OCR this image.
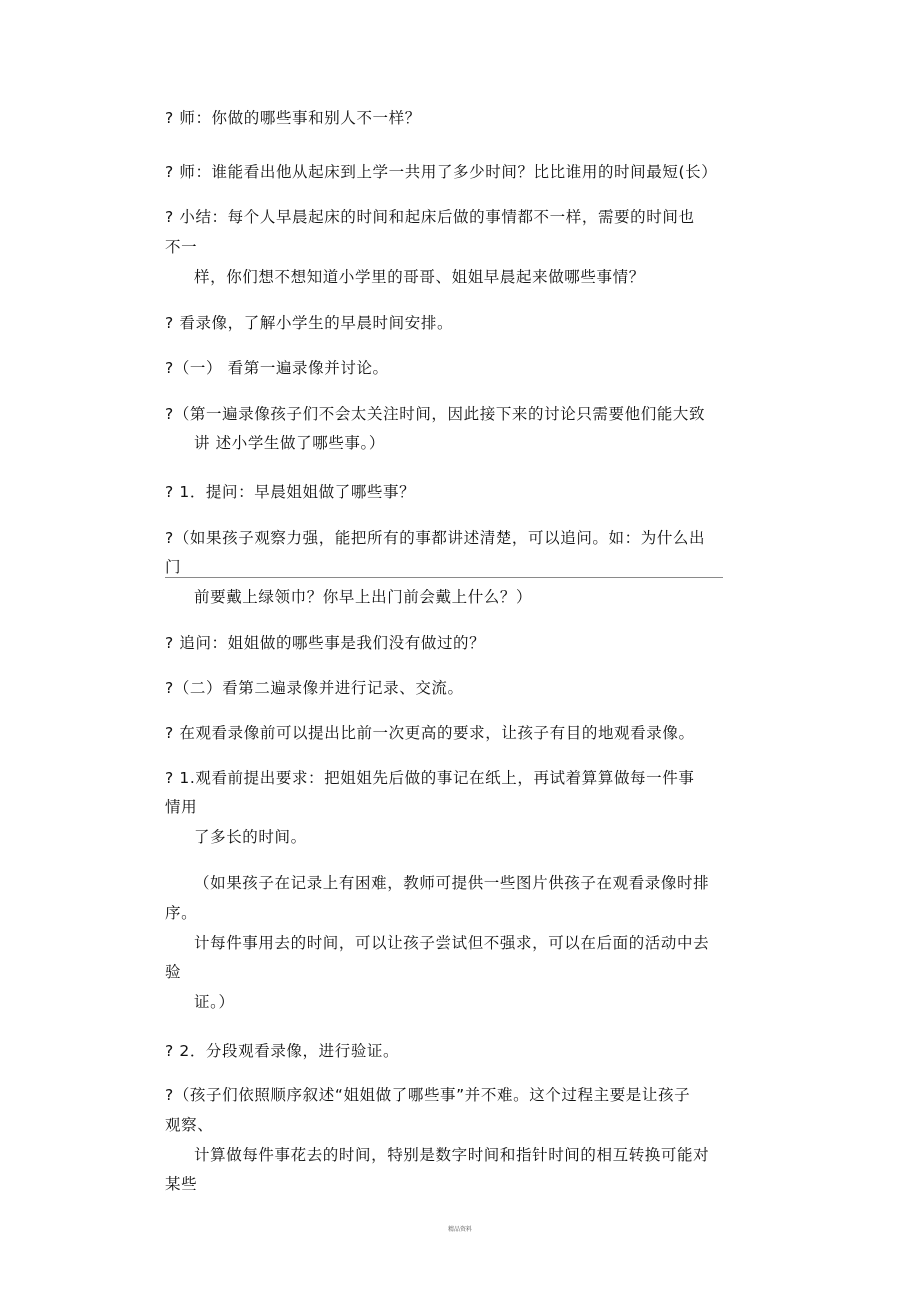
? 师：你做的哪些事和别人不一样？
? 师：谁能看出他从起床到上学一共用了多少时间？比比谁用的时间最短(长）
? 小结：每个人早晨起床的时间和起床后做的事情都不一样，需要的时间也
不一
样，你们想不想知道小学里的哥哥、姐姐早晨起来做哪些事情？
? 看录像，了解小学生的早晨时间安排。
?（一） 看第一遍录像并讨论。
?（第一遍录像孩子们不会太关注时间，因此接下来的讨论只需要他们能大致
讲 述小学生做了哪些事。）
? 1．提问：早晨姐姐做了哪些事？
?（如果孩子观察力强，能把所有的事都讲述清楚，可以追问。如：为什么出
门
前要戴上绿领巾？你早上出门前会戴上什么？）
? 追问：姐姐做的哪些事是我们没有做过的？
?（二）看第二遍录像并进行记录、交流。
? 在观看录像前可以提出比前一次更高的要求，让孩子有目的地观看录像。
? 1.观看前提出要求：把姐姐先后做的事记在纸上，再试着算算做每一件事
情用
了多长的时间。
（如果孩子在记录上有困难，教师可提供一些图片供孩子在观看录像时排
序。
计每件事用去的时间，可以让孩子尝试但不强求，可以在后面的活动中去
验
证。）
? 2．分段观看录像，进行验证。
?（孩子们依照顺序叙述“姐姐做了哪些事”并不难。这个过程主要是让孩子
观察、
计算做每件事花去的时间，特别是数字时间和指针时间的相互转换可能对
某些
精品资料
